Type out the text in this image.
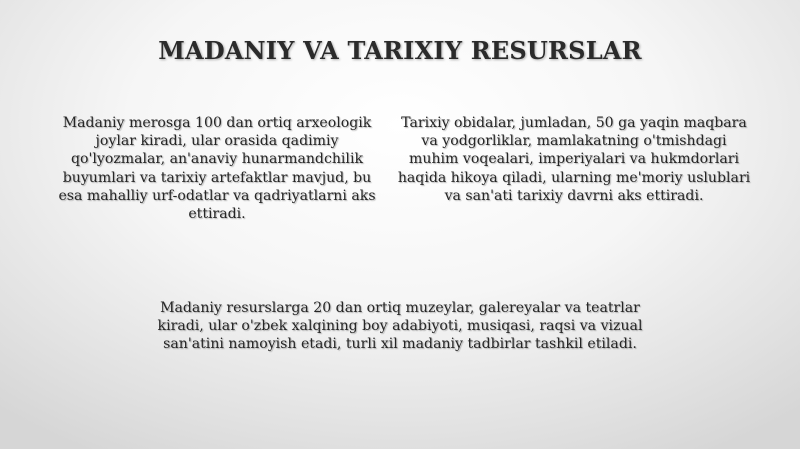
MADANIY VA TARIXIY RESURSLAR

Madaniy merosga 100 dan ortiq arxeologik joylar kiradi, ular orasida qadimiy qo'lyozmalar, an'anaviy hunarmandchilik buyumlari va tarixiy artefaktlar mavjud, bu esa mahalliy urf-odatlar va qadriyatlarni aks ettiradi.

Tarixiy obidalar, jumladan, 50 ga yaqin maqbara va yodgorliklar, mamlakatning o'tmishdagi muhim voqealari, imperiyalari va hukmdorlari haqida hikoya qiladi, ularning me'moriy uslublari va san'ati tarixiy davrni aks ettiradi.

Madaniy resurslarga 20 dan ortiq muzeylar, galereyalar va teatrlar kiradi, ular o'zbek xalqining boy adabiyoti, musiqasi, raqsi va vizual san'atini namoyish etadi, turli xil madaniy tadbirlar tashkil etiladi.
